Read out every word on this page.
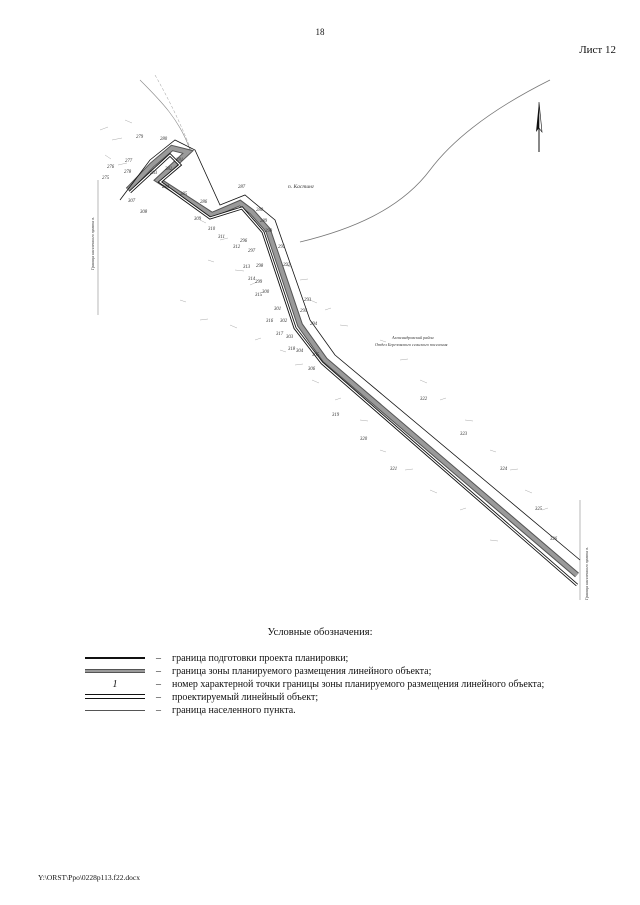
18
Лист 12
п. Кастинг
Александровский район
Отдел Березовского сельского поселения
Граница населенного пункта п.
Граница населенного пункта п.
279	280
276
277
275
278
281
282
283
284
285
286
287
288
289
290
291
292
293
294
295
296
297
298
299
300
301
302
303
304
305
306
307
308
309
310
311
312
313
314
315
316
317
318
319
320
321
322
323
324
325
326
Условные обозначения:
– граница подготовки проекта планировки;
– граница зоны планируемого размещения линейного объекта;
1	– номер характерной точки границы зоны планируемого размещения линейного объекта;
– проектируемый линейный объект;
– граница населенного пункта.
Y:\ORST\Ppo\0228p113.f22.docx
